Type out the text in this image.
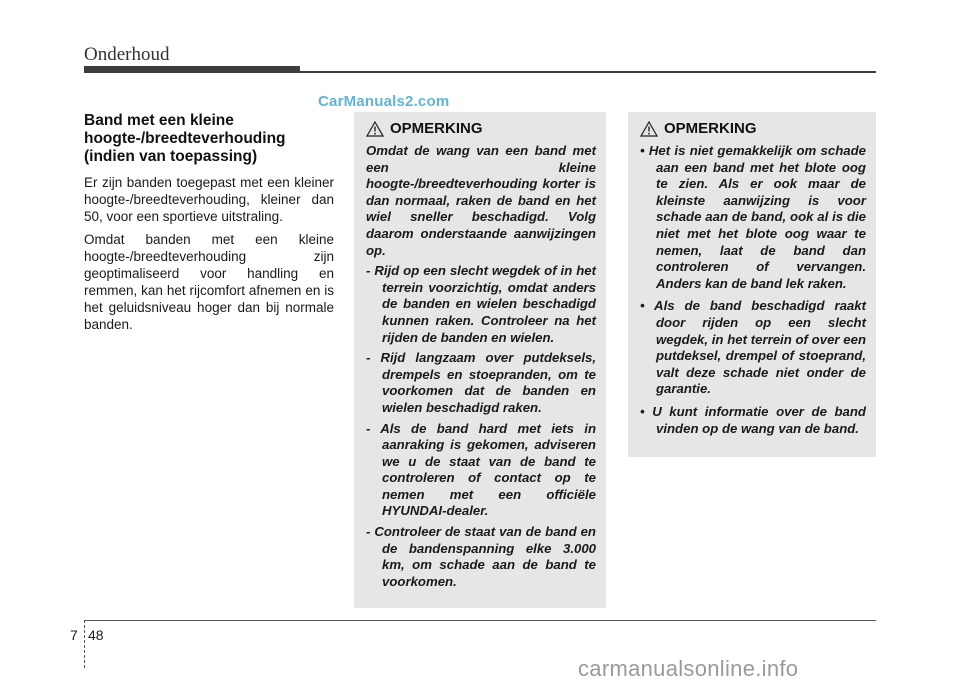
Onderhoud
CarManuals2.com
Band met een kleine hoogte-/breedteverhouding (indien van toepassing)

Er zijn banden toegepast met een kleiner hoogte-/breedteverhouding, kleiner dan 50, voor een sportieve uitstraling.

Omdat banden met een kleine hoogte-/breedteverhouding zijn geoptimaliseerd voor handling en remmen, kan het rijcomfort afnemen en is het geluidsniveau hoger dan bij normale banden.

OPMERKING

Omdat de wang van een band met een kleine hoogte-/breedteverhouding korter is dan normaal, raken de band en het wiel sneller beschadigd. Volg daarom onderstaande aanwijzingen op.

- Rijd op een slecht wegdek of in het terrein voorzichtig, omdat anders de banden en wielen beschadigd kunnen raken. Controleer na het rijden de banden en wielen.
- Rijd langzaam over putdeksels, drempels en stoepranden, om te voorkomen dat de banden en wielen beschadigd raken.
- Als de band hard met iets in aanraking is gekomen, adviseren we u de staat van de band te controleren of contact op te nemen met een officiële HYUNDAI-dealer.
- Controleer de staat van de band en de bandenspanning elke 3.000 km, om schade aan de band te voorkomen.
OPMERKING
• Het is niet gemakkelijk om schade aan een band met het blote oog te zien. Als er ook maar de kleinste aanwijzing is voor schade aan de band, ook al is die niet met het blote oog waar te nemen, laat de band dan controleren of vervangen. Anders kan de band lek raken.
• Als de band beschadigd raakt door rijden op een slecht wegdek, in het terrein of over een putdeksel, drempel of stoeprand, valt deze schade niet onder de garantie.
• U kunt informatie over de band vinden op de wang van de band.
7 48
carmanualsonline.info
